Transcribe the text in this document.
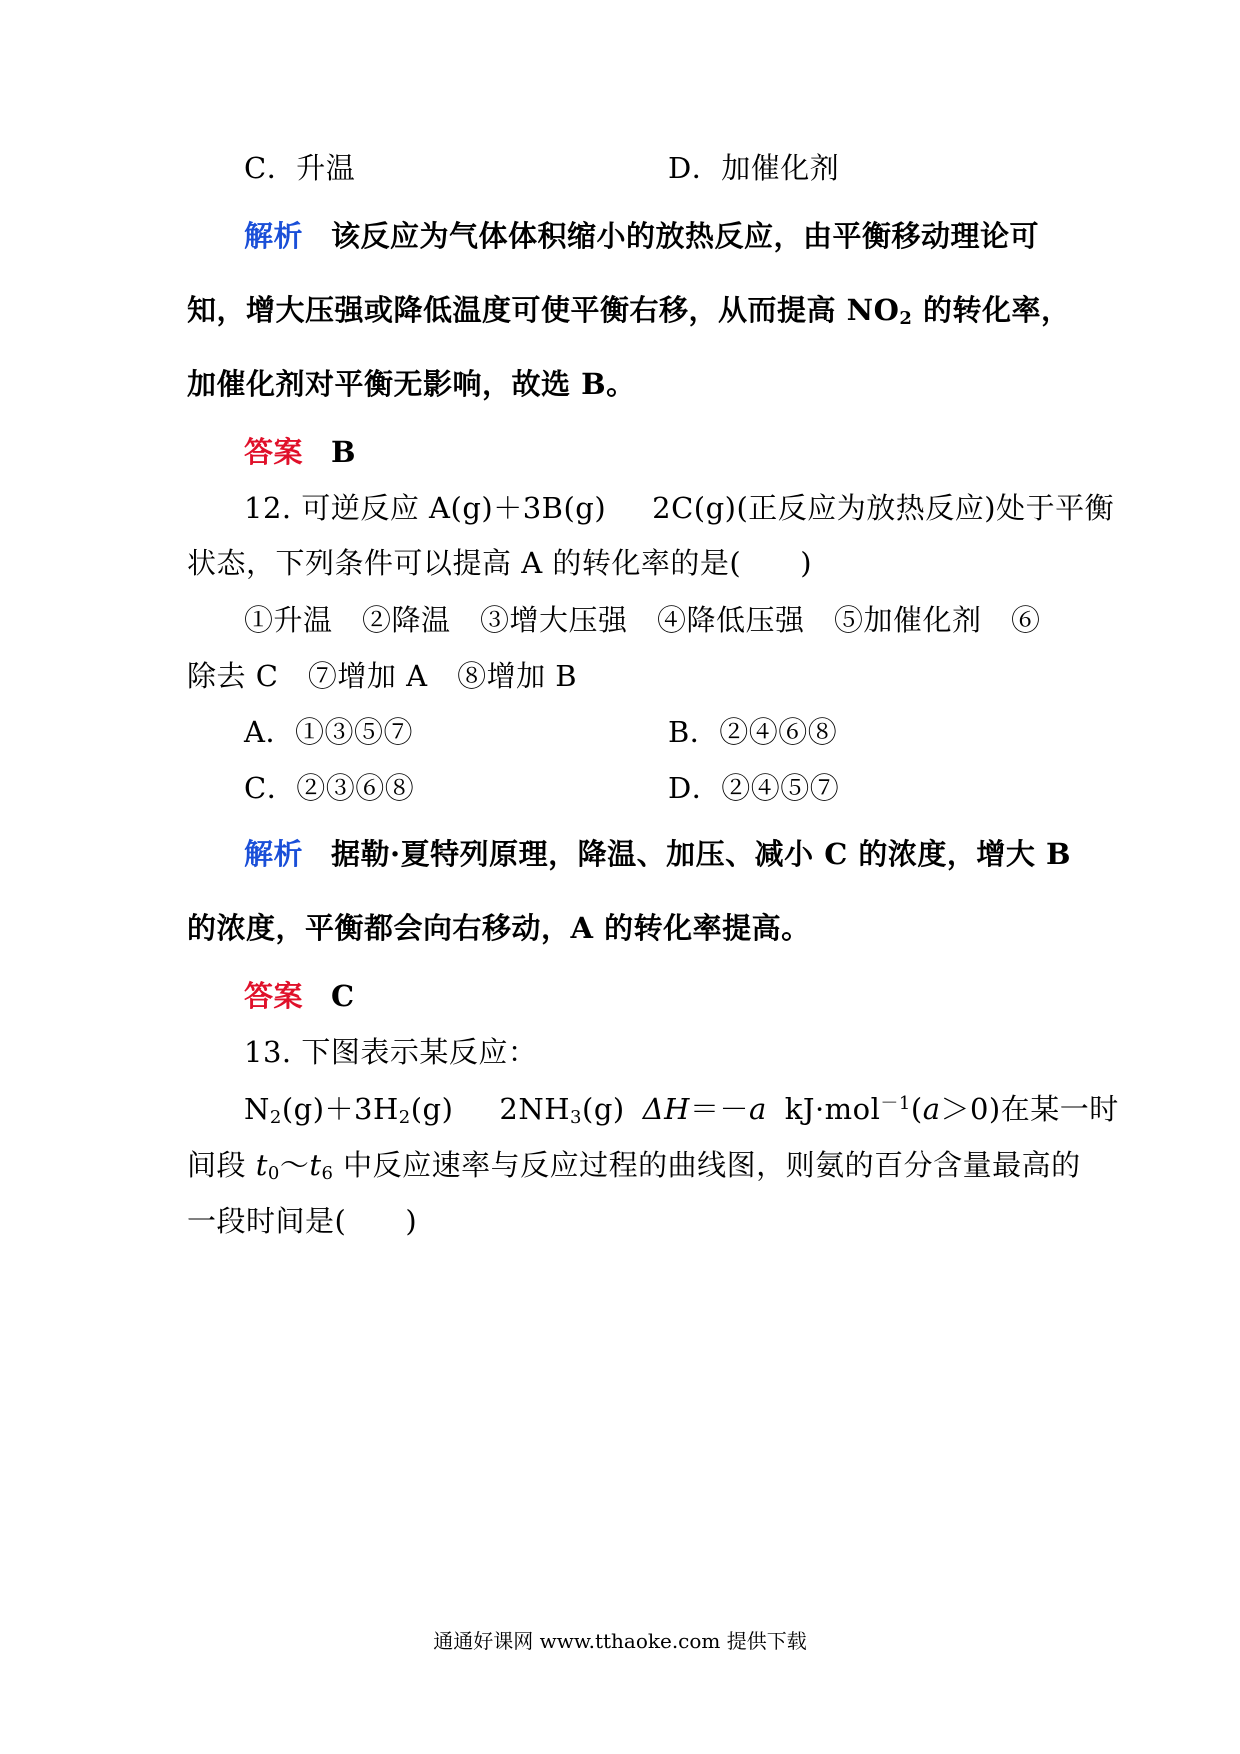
C．升温	D．加催化剂
解析 该反应为气体体积缩小的放热反应，由平衡移动理论可
知，增大压强或降低温度可使平衡右移，从而提高 $NO_2$ 的转化率，
加催化剂对平衡无影响，故选 B。
答案 B
12. 可逆反应 A(g)＋3B(g) 2C(g)(正反应为放热反应)处于平衡
状态，下列条件可以提高 A 的转化率的是(　　)
①升温　②降温　③增大压强　④降低压强　⑤加催化剂　⑥
除去 C　⑦增加 A　⑧增加 B
A．①③⑤⑦	B．②④⑥⑧
C．②③⑥⑧	D．②④⑤⑦
解析 据勒·夏特列原理，降温、加压、减小 C 的浓度，增大 B
的浓度，平衡都会向右移动，A 的转化率提高。
答案 C
13. 下图表示某反应：
$N_2(g)+3H_2(g)$ $2NH_3(g)$ ΔH＝－a kJ·mol$^{-1}$(a＞0)在某一时
间段 $t_0\sim t_6$ 中反应速率与反应过程的曲线图，则氨的百分含量最高的
一段时间是(　　)
通通好课网 www.tthaoke.com 提供下载
